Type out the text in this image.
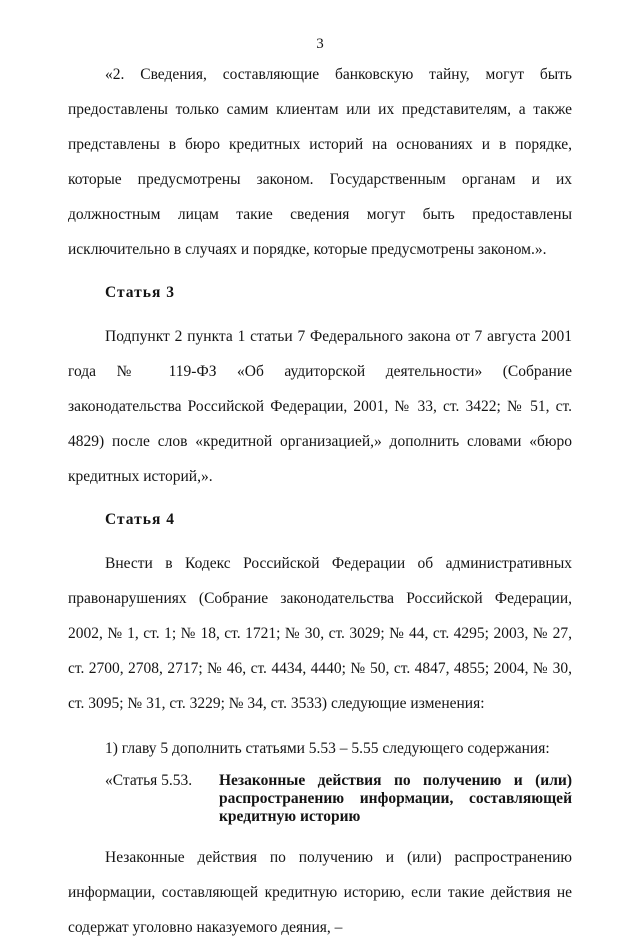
3

«2. Сведения, составляющие банковскую тайну, могут быть предоставлены только самим клиентам или их представителям, а также представлены в бюро кредитных историй на основаниях и в порядке, которые предусмотрены законом. Государственным органам и их должностным лицам такие сведения могут быть предоставлены исключительно в случаях и порядке, которые предусмотрены законом.».

Статья 3

Подпункт 2 пункта 1 статьи 7 Федерального закона от 7 августа 2001 года № 119-ФЗ «Об аудиторской деятельности» (Собрание законодательства Российской Федерации, 2001, № 33, ст. 3422; № 51, ст. 4829) после слов «кредитной организацией,» дополнить словами «бюро кредитных историй,».

Статья 4

Внести в Кодекс Российской Федерации об административных правонарушениях (Собрание законодательства Российской Федерации, 2002, № 1, ст. 1; № 18, ст. 1721; № 30, ст. 3029; № 44, ст. 4295; 2003, № 27, ст. 2700, 2708, 2717; № 46, ст. 4434, 4440; № 50, ст. 4847, 4855; 2004, № 30, ст. 3095; № 31, ст. 3229; № 34, ст. 3533) следующие изменения:

1) главу 5 дополнить статьями 5.53 – 5.55 следующего содержания:

«Статья 5.53.	Незаконные действия по получению и (или) распространению информации, составляющей кредитную историю

Незаконные действия по получению и (или) распространению информации, составляющей кредитную историю, если такие действия не содержат уголовно наказуемого деяния, –
